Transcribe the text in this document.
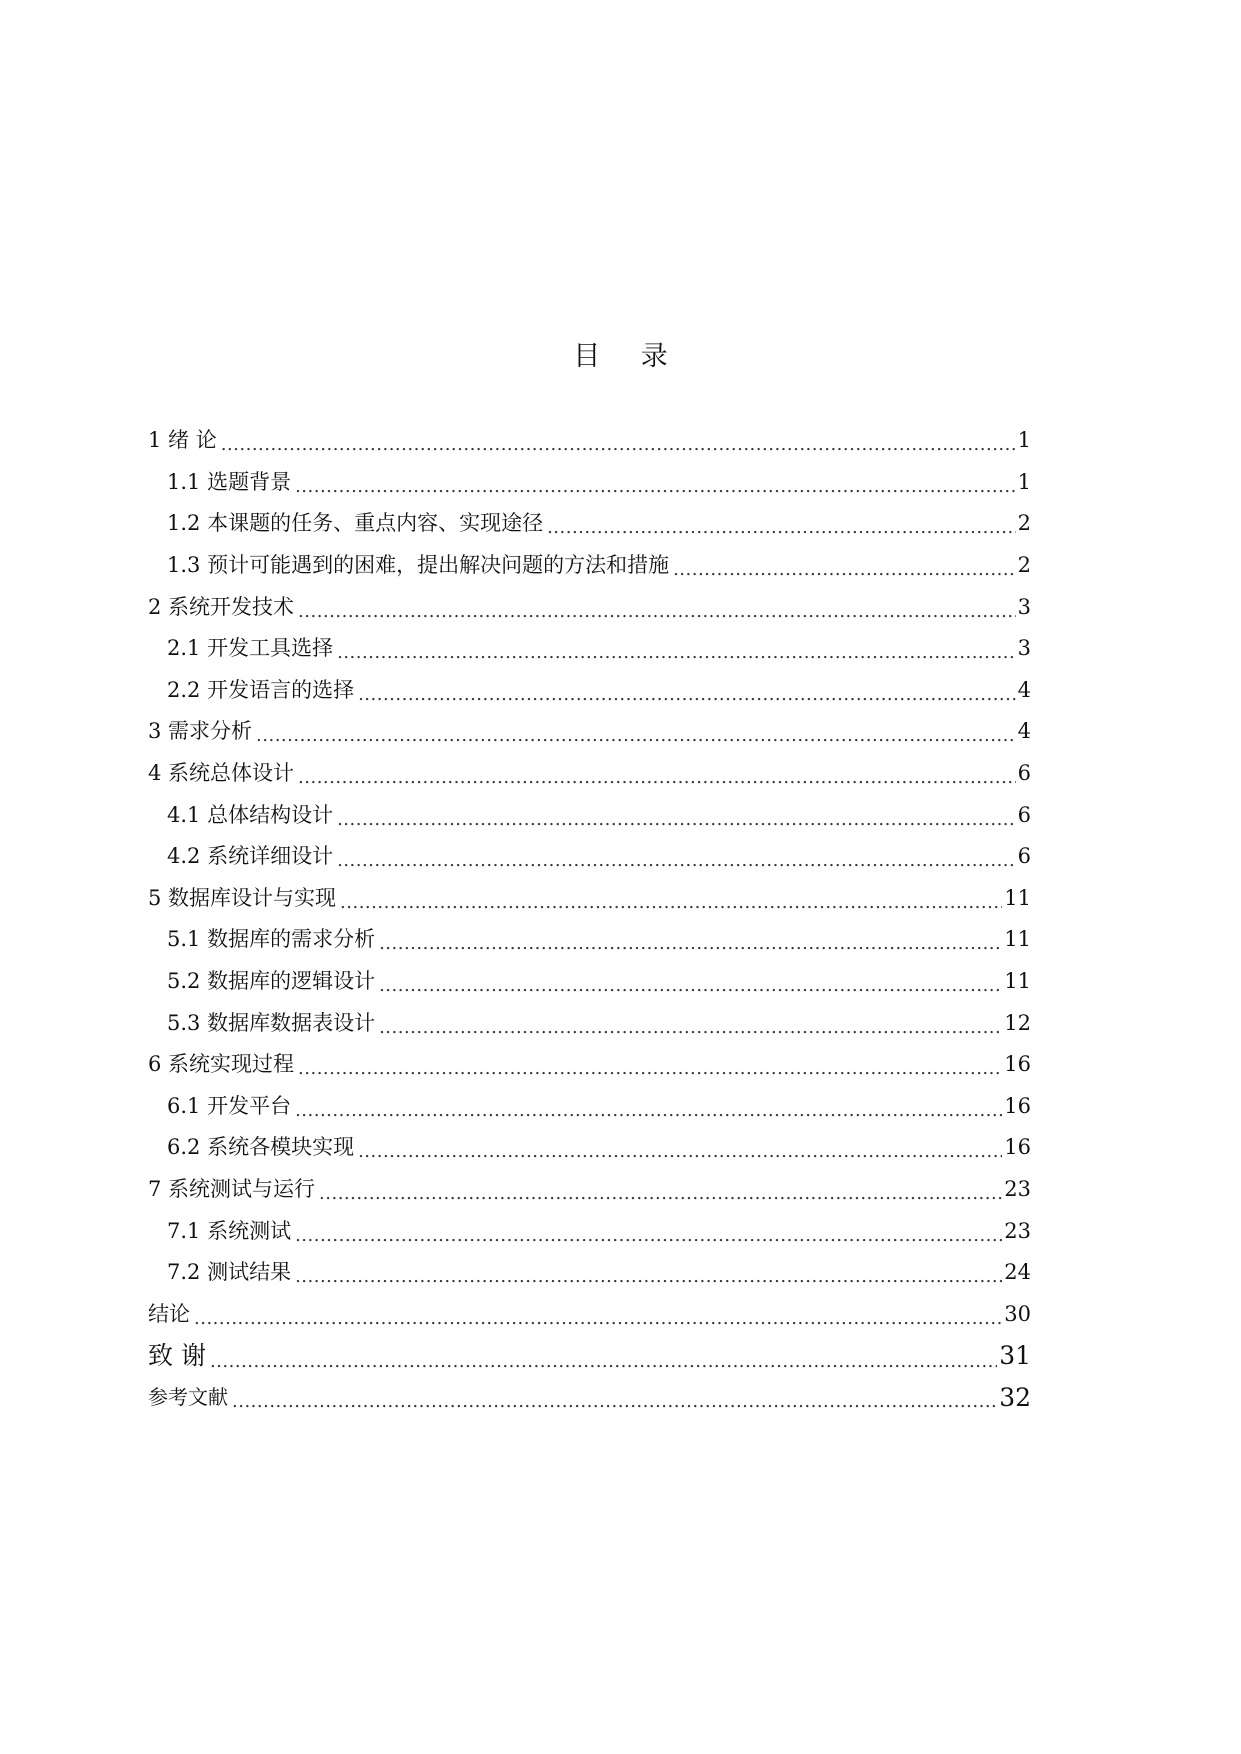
目 录
1 绪 论 .....	1
1.1 选题背景 .....	1
1.2 本课题的任务、重点内容、实现途径 .....	2
1.3 预计可能遇到的困难，提出解决问题的方法和措施 .....	2
2 系统开发技术 .....	3
2.1 开发工具选择 .....	3
2.2 开发语言的选择 .....	4
3 需求分析 .....	4
4 系统总体设计 .....	6
4.1 总体结构设计 .....	6
4.2 系统详细设计 .....	6
5 数据库设计与实现 .....	11
5.1 数据库的需求分析 .....	11
5.2 数据库的逻辑设计 .....	11
5.3 数据库数据表设计 .....	12
6 系统实现过程 .....	16
6.1 开发平台 .....	16
6.2 系统各模块实现 .....	16
7 系统测试与运行 .....	23
7.1 系统测试 .....	23
7.2 测试结果 .....	24
结论 .....	30
致 谢 .....	31
参考文献 .....	32
